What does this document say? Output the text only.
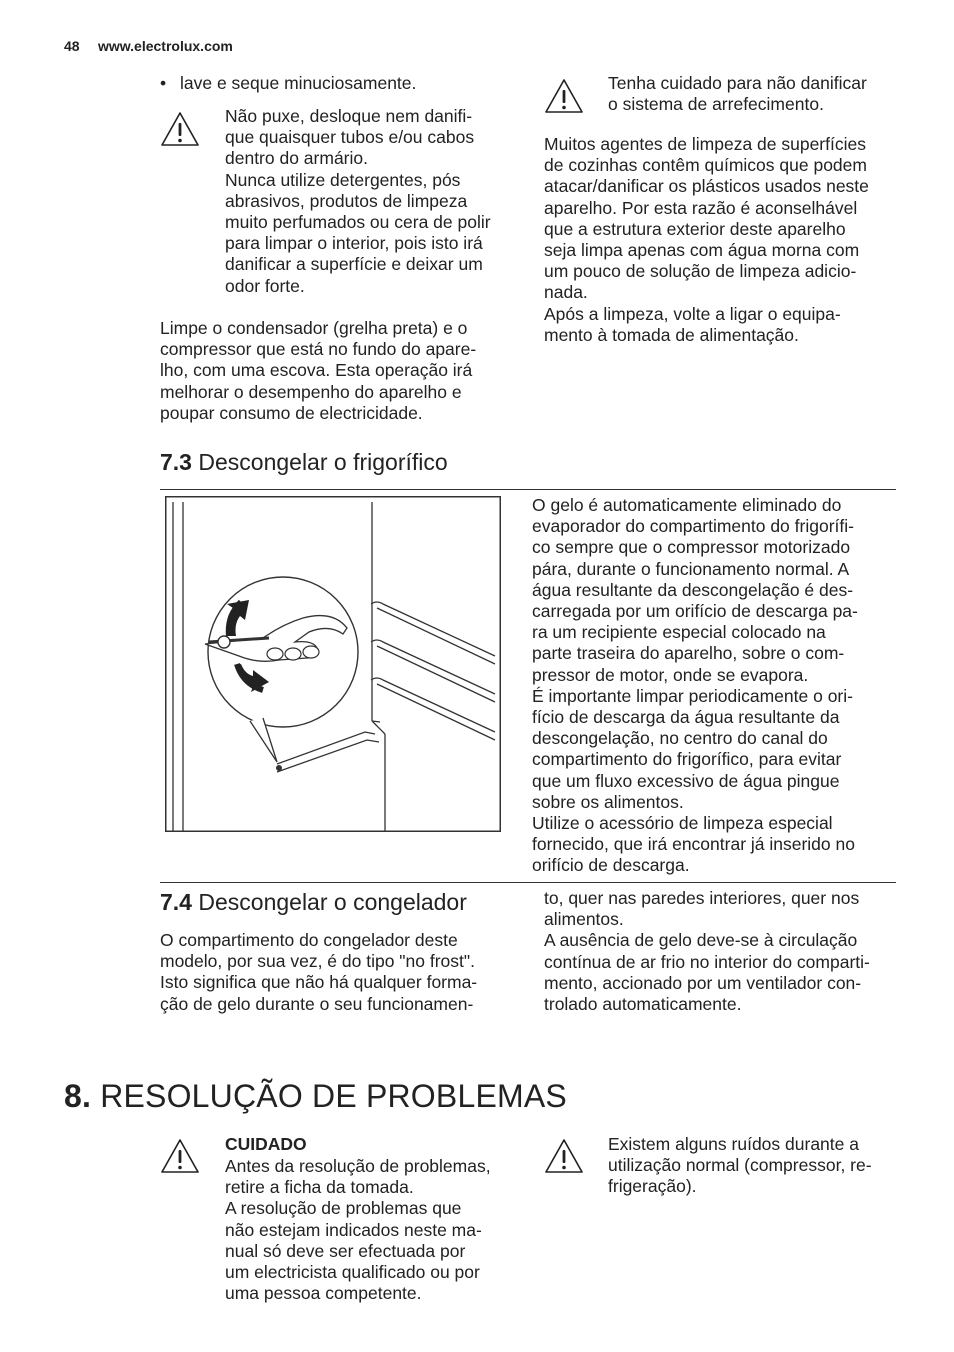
48 www.electrolux.com
• lave e seque minuciosamente.
Não puxe, desloque nem danifi-
que quaisquer tubos e/ou cabos
dentro do armário.
Nunca utilize detergentes, pós
abrasivos, produtos de limpeza
muito perfumados ou cera de polir
para limpar o interior, pois isto irá
danificar a superfície e deixar um
odor forte.
Limpe o condensador (grelha preta) e o
compressor que está no fundo do apare-
lho, com uma escova. Esta operação irá
melhorar o desempenho do aparelho e
poupar consumo de electricidade.
Tenha cuidado para não danificar
o sistema de arrefecimento.
Muitos agentes de limpeza de superfícies
de cozinhas contêm químicos que podem
atacar/danificar os plásticos usados neste
aparelho. Por esta razão é aconselhável
que a estrutura exterior deste aparelho
seja limpa apenas com água morna com
um pouco de solução de limpeza adicio-
nada.
Após a limpeza, volte a ligar o equipa-
mento à tomada de alimentação.
7.3 Descongelar o frigorífico
O gelo é automaticamente eliminado do
evaporador do compartimento do frigorífi-
co sempre que o compressor motorizado
pára, durante o funcionamento normal. A
água resultante da descongelação é des-
carregada por um orifício de descarga pa-
ra um recipiente especial colocado na
parte traseira do aparelho, sobre o com-
pressor de motor, onde se evapora.
É importante limpar periodicamente o ori-
fício de descarga da água resultante da
descongelação, no centro do canal do
compartimento do frigorífico, para evitar
que um fluxo excessivo de água pingue
sobre os alimentos.
Utilize o acessório de limpeza especial
fornecido, que irá encontrar já inserido no
orifício de descarga.
7.4 Descongelar o congelador
O compartimento do congelador deste
modelo, por sua vez, é do tipo "no frost".
Isto significa que não há qualquer forma-
ção de gelo durante o seu funcionamen-
to, quer nas paredes interiores, quer nos
alimentos.
A ausência de gelo deve-se à circulação
contínua de ar frio no interior do comparti-
mento, accionado por um ventilador con-
trolado automaticamente.
8. RESOLUÇÃO DE PROBLEMAS
CUIDADO
Antes da resolução de problemas,
retire a ficha da tomada.
A resolução de problemas que
não estejam indicados neste ma-
nual só deve ser efectuada por
um electricista qualificado ou por
uma pessoa competente.
Existem alguns ruídos durante a
utilização normal (compressor, re-
frigeração).
